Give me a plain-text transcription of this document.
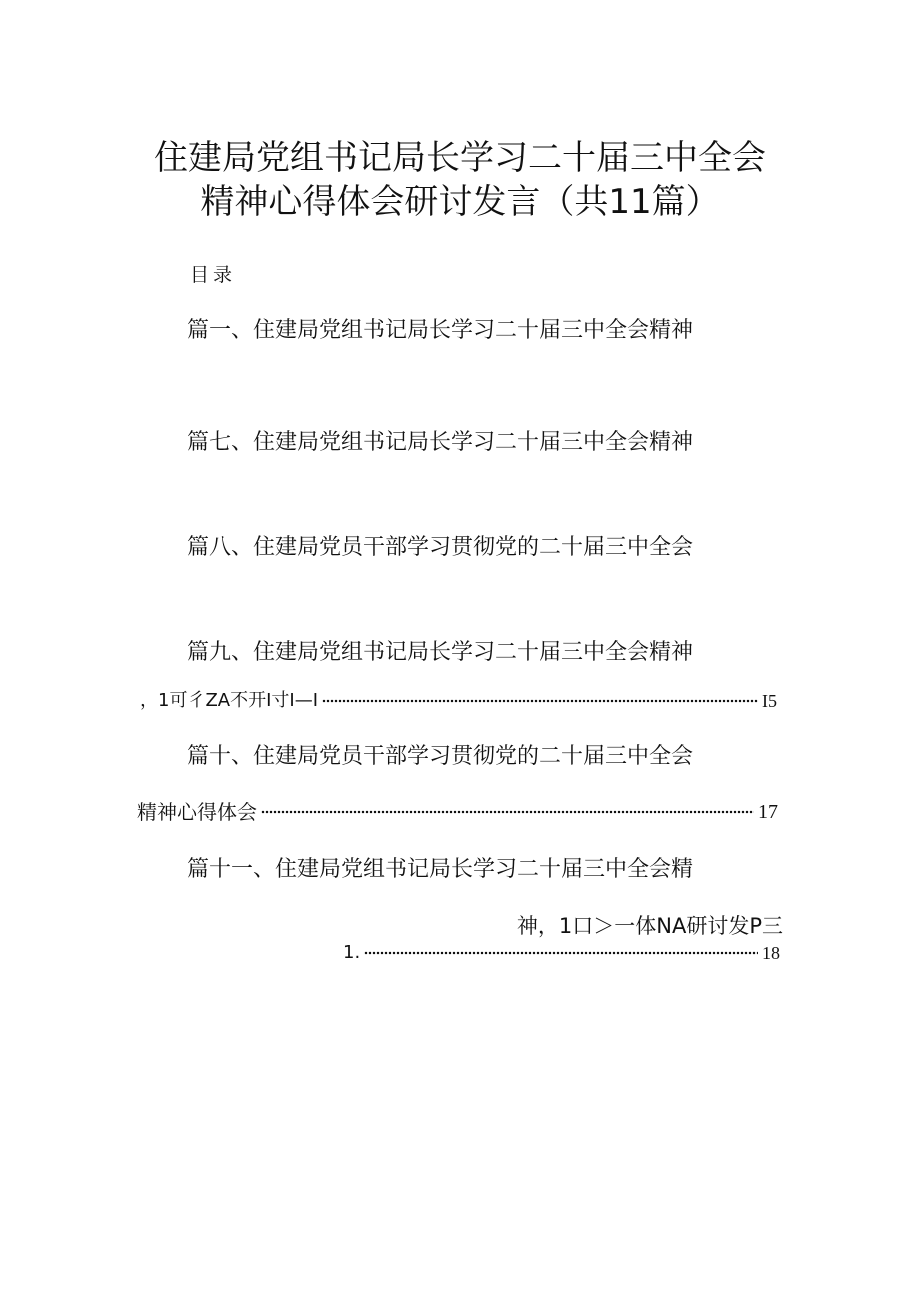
住建局党组书记局长学习二十届三中全会
精神心得体会研讨发言（共11篇）
目录
篇一、住建局党组书记局长学习二十届三中全会精神
篇七、住建局党组书记局长学习二十届三中全会精神
篇八、住建局党员干部学习贯彻党的二十届三中全会
篇九、住建局党组书记局长学习二十届三中全会精神
，1可彳ZA不开I寸I—I	I5
篇十、住建局党员干部学习贯彻党的二十届三中全会
精神心得体会	17
篇十一、住建局党组书记局长学习二十届三中全会精
神，1口＞一体NA研讨发P三
1.	18
